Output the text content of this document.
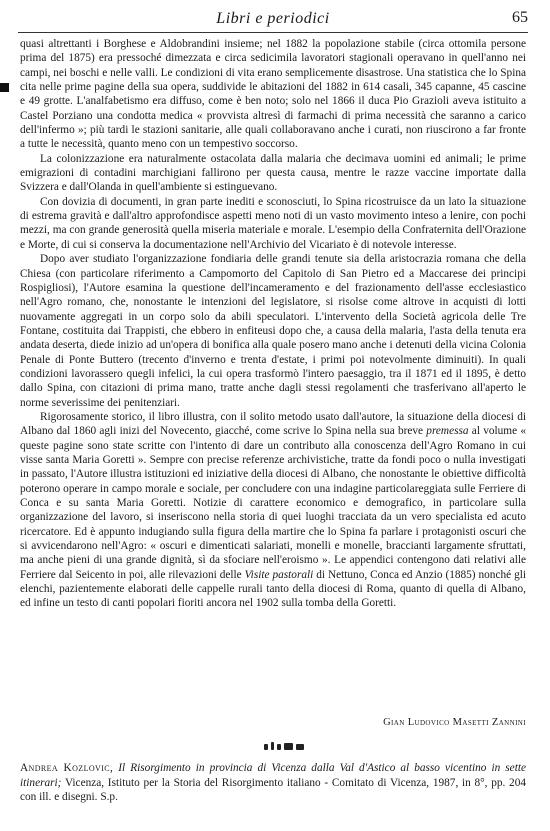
Libri e periodici	65

quasi altrettanti i Borghese e Aldobrandini insieme; nel 1882 la popolazione stabile (circa ottomila persone prima del 1875) era pressoché dimezzata e circa sedicimila lavoratori stagionali operavano in quell'anno nei campi, nei boschi e nelle valli. Le condizioni di vita erano semplicemente disastrose. Una statistica che lo Spina cita nelle prime pagine della sua opera, suddivide le abitazioni del 1882 in 614 casali, 345 capanne, 45 cascine e 49 grotte. L'analfabetismo era diffuso, come è ben noto; solo nel 1866 il duca Pio Grazioli aveva istituito a Castel Porziano una condotta medica « provvista altresì di farmachi di prima necessità che saranno a carico dell'infermo »; più tardi le stazioni sanitarie, alle quali collaboravano anche i curati, non riuscirono a far fronte a tutte le necessità, quanto meno con un tempestivo soccorso.

La colonizzazione era naturalmente ostacolata dalla malaria che decimava uomini ed animali; le prime emigrazioni di contadini marchigiani fallirono per questa causa, mentre le razze vaccine importate dalla Svizzera e dall'Olanda in quell'ambiente si estinguevano.

Con dovizia di documenti, in gran parte inediti e sconosciuti, lo Spina ricostruisce da un lato la situazione di estrema gravità e dall'altro approfondisce aspetti meno noti di un vasto movimento inteso a lenire, con pochi mezzi, ma con grande generosità quella miseria materiale e morale. L'esempio della Confraternita dell'Orazione e Morte, di cui si conserva la documentazione nell'Archivio del Vicariato è di notevole interesse.

Dopo aver studiato l'organizzazione fondiaria delle grandi tenute sia della aristocrazia romana che della Chiesa (con particolare riferimento a Campomorto del Capitolo di San Pietro ed a Maccarese dei principi Rospigliosi), l'Autore esamina la questione dell'incameramento e del frazionamento dell'asse ecclesiastico nell'Agro romano, che, nonostante le intenzioni del legislatore, si risolse come altrove in acquisti di lotti nuovamente aggregati in un corpo solo da abili speculatori. L'intervento della Società agricola delle Tre Fontane, costituita dai Trappisti, che ebbero in enfiteusi dopo che, a causa della malaria, l'asta della tenuta era andata deserta, diede inizio ad un'opera di bonifica alla quale posero mano anche i detenuti della vicina Colonia Penale di Ponte Buttero (trecento d'inverno e trenta d'estate, i primi poi notevolmente diminuiti). In quali condizioni lavorassero quegli infelici, la cui opera trasformò l'intero paesaggio, tra il 1871 ed il 1895, è detto dallo Spina, con citazioni di prima mano, tratte anche dagli stessi regolamenti che trasferivano all'aperto le norme severissime dei penitenziari.

Rigorosamente storico, il libro illustra, con il solito metodo usato dall'autore, la situazione della diocesi di Albano dal 1860 agli inizi del Novecento, giacché, come scrive lo Spina nella sua breve premessa al volume « queste pagine sono state scritte con l'intento di dare un contributo alla conoscenza dell'Agro Romano in cui visse santa Maria Goretti ». Sempre con precise referenze archivistiche, tratte da fondi poco o nulla investigati in passato, l'Autore illustra istituzioni ed iniziative della diocesi di Albano, che nonostante le obiettive difficoltà poterono operare in campo morale e sociale, per concludere con una indagine particolareggiata sulle Ferriere di Conca e su santa Maria Goretti. Notizie di carattere economico e demografico, in particolare sulla organizzazione del lavoro, si inseriscono nella storia di quei luoghi tracciata da un vero specialista ed acuto ricercatore. Ed è appunto indugiando sulla figura della martire che lo Spina fa parlare i protagonisti oscuri che si avvicendarono nell'Agro: « oscuri e dimenticati salariati, monelli e monelle, braccianti largamente sfruttati, ma anche pieni di una grande dignità, sì da sfociare nell'eroismo ». Le appendici contengono dati relativi alle Ferriere dal Seicento in poi, alle rilevazioni delle Visite pastorali di Nettuno, Conca ed Anzio (1885) nonché gli elenchi, pazientemente elaborati delle cappelle rurali tanto della diocesi di Roma, quanto di quella di Albano, ed infine un testo di canti popolari fioriti ancora nel 1902 sulla tomba della Goretti.

Gian Ludovico Masetti Zannini
Andrea Kozlovic, Il Risorgimento in provincia di Vicenza dalla Val d'Astico al basso vicentino in sette itinerari; Vicenza, Istituto per la Storia del Risorgimento italiano - Comitato di Vicenza, 1987, in 8°, pp. 204 con ill. e disegni. S.p.
